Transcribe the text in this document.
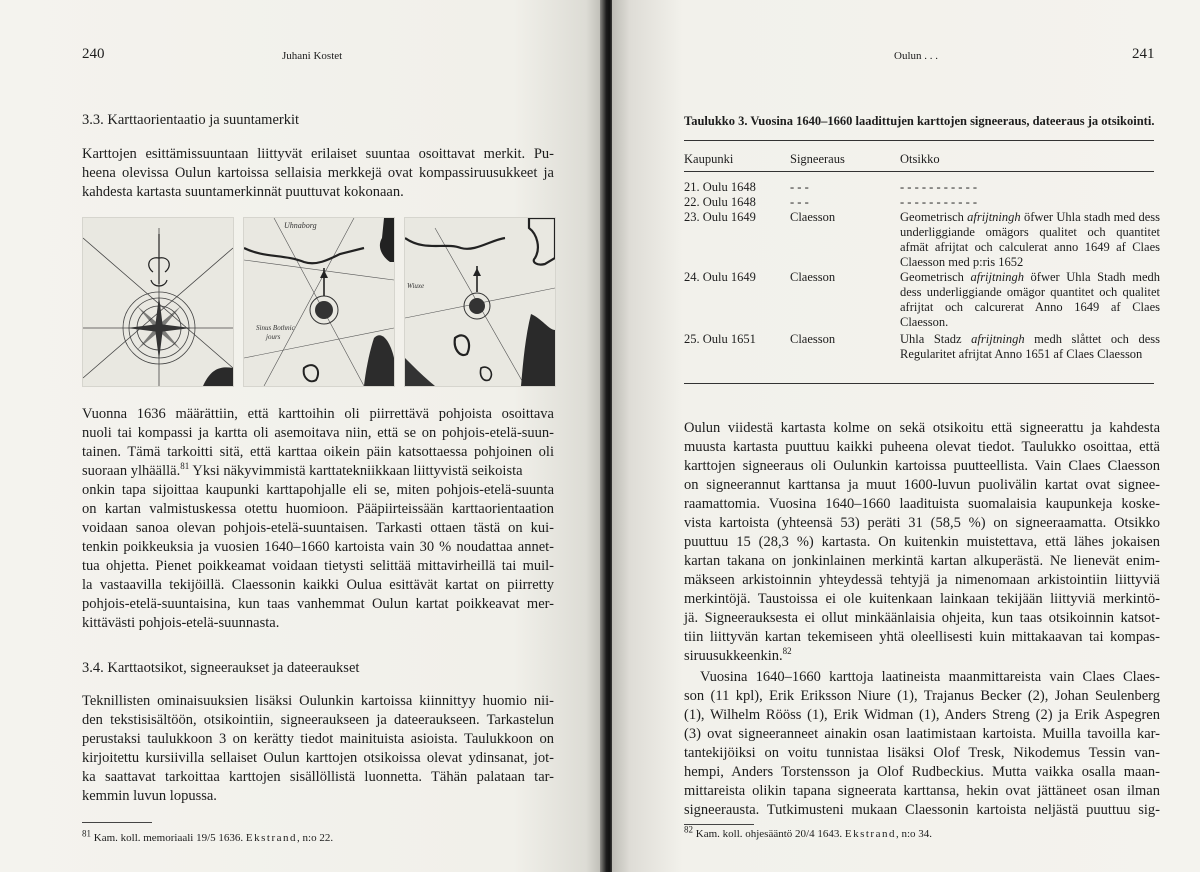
240	Juhani Kostet
3.3. Karttaorientaatio ja suuntamerkit
Karttojen esittämissuuntaan liittyvät erilaiset suuntaa osoittavat merkit. Pu-
heena olevissa Oulun kartoissa sellaisia merkkejä ovat kompassiruusukkeet ja
kahdesta kartasta suuntamerkinnät puuttuvat kokonaan.
Uhnaborg
Sinus Bothnic
jours
Wiuxe
Vuonna 1636 määrättiin, että karttoihin oli piirrettävä pohjoista osoittava
nuoli tai kompassi ja kartta oli asemoitava niin, että se on pohjois-etelä-suun-
tainen. Tämä tarkoitti sitä, että karttaa oikein päin katsottaessa pohjoinen oli
suoraan ylhäällä.$^{81}$ Yksi näkyvimmistä karttatekniikkaan liittyvistä seikoista
onkin tapa sijoittaa kaupunki karttapohjalle eli se, miten pohjois-etelä-suunta
on kartan valmistuskessa otettu huomioon. Pääpiirteissään karttaorientaation
voidaan sanoa olevan pohjois-etelä-suuntaisen. Tarkasti ottaen tästä on kui-
tenkin poikkeuksia ja vuosien 1640–1660 kartoista vain 30 % noudattaa annet-
tua ohjetta. Pienet poikkeamat voidaan tietysti selittää mittavirheillä tai muil-
la vastaavilla tekijöillä. Claessonin kaikki Oulua esittävät kartat on piirretty
pohjois-etelä-suuntaisina, kun taas vanhemmat Oulun kartat poikkeavat mer-
kittävästi pohjois-etelä-suunnasta.
3.4. Karttaotsikot, signeeraukset ja dateeraukset
Teknillisten ominaisuuksien lisäksi Oulunkin kartoissa kiinnittyy huomio nii-
den tekstisisältöön, otsikointiin, signeeraukseen ja dateeraukseen. Tarkastelun
perustaksi taulukkoon 3 on kerätty tiedot mainituista asioista. Taulukkoon on
kirjoitettu kursiivilla sellaiset Oulun karttojen otsikoissa olevat ydinsanat, jot-
ka saattavat tarkoittaa karttojen sisällöllistä luonnetta. Tähän palataan tar-
kemmin luvun lopussa.
$^{81}$ Kam. koll. memoriaali 19/5 1636. Ekstrand, n:o 22.
Oulun . . .	241
Taulukko 3. Vuosina 1640–1660 laadittujen karttojen signeeraus, dateeraus ja otsikointi.
Kaupunki	Signeeraus	Otsikko
21. Oulu 1648	- - -	- - - - - - - - - - -
22. Oulu 1648	- - -	- - - - - - - - - - -
23. Oulu 1649	Claesson	Geometrisch afrijtningh öfwer Uhla stadh med dess underliggiande omägors qualitet och quantitet afmät afrijtat och calculerat anno 1649 af Claes Claesson med p:ris 1652
24. Oulu 1649	Claesson	Geometrisch afrijtningh öfwer Uhla Stadh medh dess underliggiande omägor quantitet och qualitet afrijtat och calcurerat Anno 1649 af Claes Claesson.
25. Oulu 1651	Claesson	Uhla Stadz afrijtningh medh slåttet och dess Regularitet afrijtat Anno 1651 af Claes Claesson
Oulun viidestä kartasta kolme on sekä otsikoitu että signeerattu ja kahdesta
muusta kartasta puuttuu kaikki puheena olevat tiedot. Taulukko osoittaa, että
karttojen signeeraus oli Oulunkin kartoissa puutteellista. Vain Claes Claesson
on signeerannut karttansa ja muut 1600-luvun puolivälin kartat ovat signee-
raamattomia. Vuosina 1640–1660 laadituista suomalaisia kaupunkeja koske-
vista kartoista (yhteensä 53) peräti 31 (58,5 %) on signeeraamatta. Otsikko
puuttuu 15 (28,3 %) kartasta. On kuitenkin muistettava, että lähes jokaisen
kartan takana on jonkinlainen merkintä kartan alkuperästä. Ne lienevät enim-
mäkseen arkistoinnin yhteydessä tehtyjä ja nimenomaan arkistointiin liittyviä
merkintöjä. Taustoissa ei ole kuitenkaan lainkaan tekijään liittyviä merkintö-
jä. Signeerauksesta ei ollut minkäänlaisia ohjeita, kun taas otsikoinnin katsot-
tiin liittyvän kartan tekemiseen yhtä oleellisesti kuin mittakaavan tai kompas-
siruusukkeenkin.$^{82}$
Vuosina 1640–1660 karttoja laatineista maanmittareista vain Claes Claes-
son (11 kpl), Erik Eriksson Niure (1), Trajanus Becker (2), Johan Seulenberg
(1), Wilhelm Rööss (1), Erik Widman (1), Anders Streng (2) ja Erik Aspegren
(3) ovat signeeranneet ainakin osan laatimistaan kartoista. Muilla tavoilla kar-
tantekijöiksi on voitu tunnistaa lisäksi Olof Tresk, Nikodemus Tessin van-
hempi, Anders Torstensson ja Olof Rudbeckius. Mutta vaikka osalla maan-
mittareista olikin tapana signeerata karttansa, hekin ovat jättäneet osan ilman
signeerausta. Tutkimusteni mukaan Claessonin kartoista neljästä puuttuu sig-
$^{82}$ Kam. koll. ohjesääntö 20/4 1643. Ekstrand, n:o 34.
